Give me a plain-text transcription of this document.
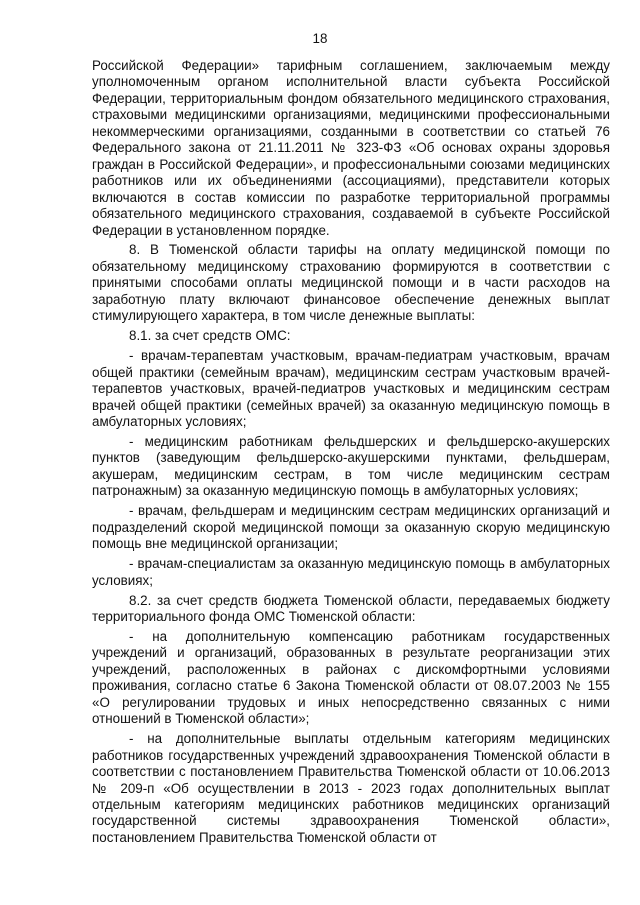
18

Российской Федерации» тарифным соглашением, заключаемым между уполномоченным органом исполнительной власти субъекта Российской Федерации, территориальным фондом обязательного медицинского страхования, страховыми медицинскими организациями, медицинскими профессиональными некоммерческими организациями, созданными в соответствии со статьей 76 Федерального закона от 21.11.2011 № 323-ФЗ «Об основах охраны здоровья граждан в Российской Федерации», и профессиональными союзами медицинских работников или их объединениями (ассоциациями), представители которых включаются в состав комиссии по разработке территориальной программы обязательного медицинского страхования, создаваемой в субъекте Российской Федерации в установленном порядке.

8. В Тюменской области тарифы на оплату медицинской помощи по обязательному медицинскому страхованию формируются в соответствии с принятыми способами оплаты медицинской помощи и в части расходов на заработную плату включают финансовое обеспечение денежных выплат стимулирующего характера, в том числе денежные выплаты:

8.1. за счет средств ОМС:

- врачам-терапевтам участковым, врачам-педиатрам участковым, врачам общей практики (семейным врачам), медицинским сестрам участковым врачей-терапевтов участковых, врачей-педиатров участковых и медицинским сестрам врачей общей практики (семейных врачей) за оказанную медицинскую помощь в амбулаторных условиях;

- медицинским работникам фельдшерских и фельдшерско-акушерских пунктов (заведующим фельдшерско-акушерскими пунктами, фельдшерам, акушерам, медицинским сестрам, в том числе медицинским сестрам патронажным) за оказанную медицинскую помощь в амбулаторных условиях;

- врачам, фельдшерам и медицинским сестрам медицинских организаций и подразделений скорой медицинской помощи за оказанную скорую медицинскую помощь вне медицинской организации;

- врачам-специалистам за оказанную медицинскую помощь в амбулаторных условиях;

8.2. за счет средств бюджета Тюменской области, передаваемых бюджету территориального фонда ОМС Тюменской области:

- на дополнительную компенсацию работникам государственных учреждений и организаций, образованных в результате реорганизации этих учреждений, расположенных в районах с дискомфортными условиями проживания, согласно статье 6 Закона Тюменской области от 08.07.2003 № 155 «О регулировании трудовых и иных непосредственно связанных с ними отношений в Тюменской области»;

- на дополнительные выплаты отдельным категориям медицинских работников государственных учреждений здравоохранения Тюменской области в соответствии с постановлением Правительства Тюменской области от 10.06.2013 № 209-п «Об осуществлении в 2013 - 2023 годах дополнительных выплат отдельным категориям медицинских работников медицинских организаций государственной системы здравоохранения Тюменской области», постановлением Правительства Тюменской области от
